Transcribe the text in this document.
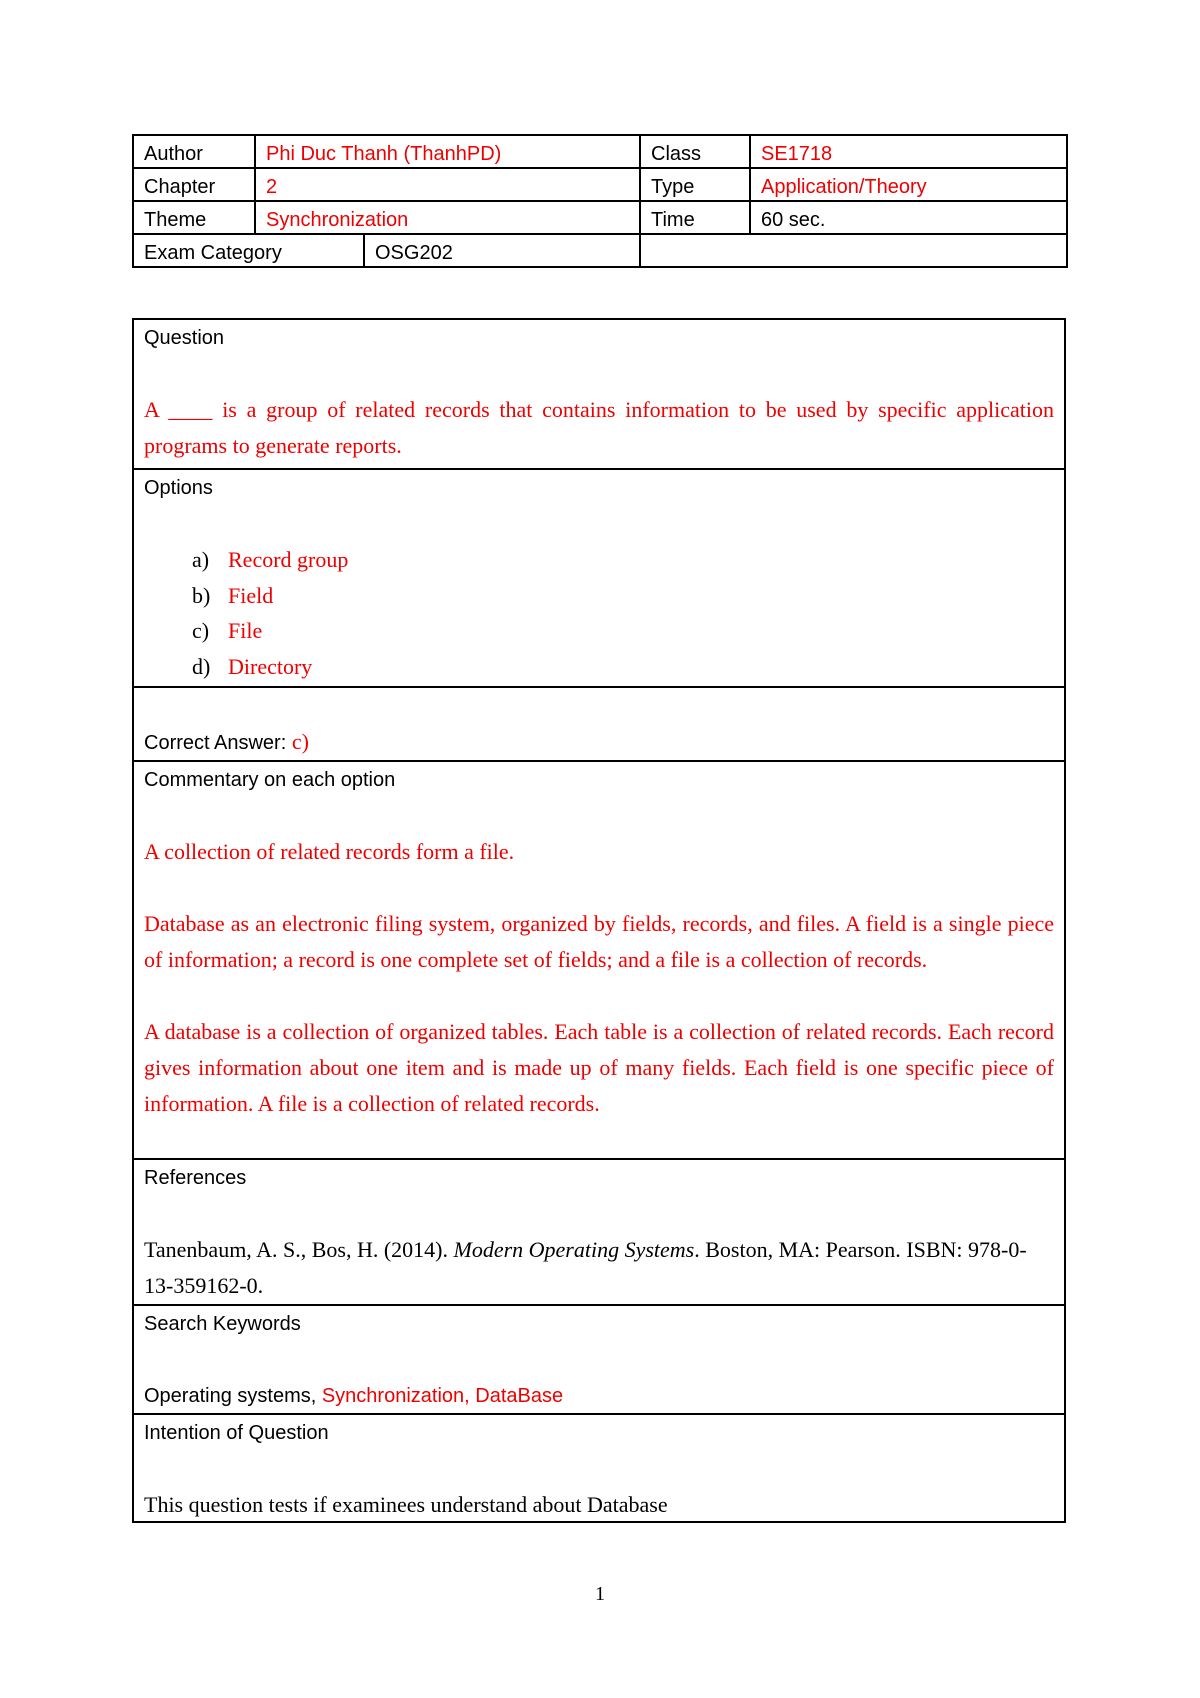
Author	Phi Duc Thanh (ThanhPD)		Class	SE1718
Chapter	2		Type	Application/Theory
Theme	Synchronization		Time	60 sec.
Exam Category		OSG202		
Question
A ____ is a group of related records that contains information to be used by specific application programs to generate reports.
Options
a) Record group
b) Field
c) File
d) Directory
Correct Answer: c)
Commentary on each option
A collection of related records form a file.
Database as an electronic filing system, organized by fields, records, and files. A field is a single piece of information; a record is one complete set of fields; and a file is a collection of records.
A database is a collection of organized tables. Each table is a collection of related records. Each record gives information about one item and is made up of many fields. Each field is one specific piece of information. A file is a collection of related records.
References
Tanenbaum, A. S., Bos, H. (2014). Modern Operating Systems. Boston, MA: Pearson. ISBN: 978-0-13-359162-0.
Search Keywords
Operating systems, Synchronization, DataBase
Intention of Question
This question tests if examinees understand about Database
1
